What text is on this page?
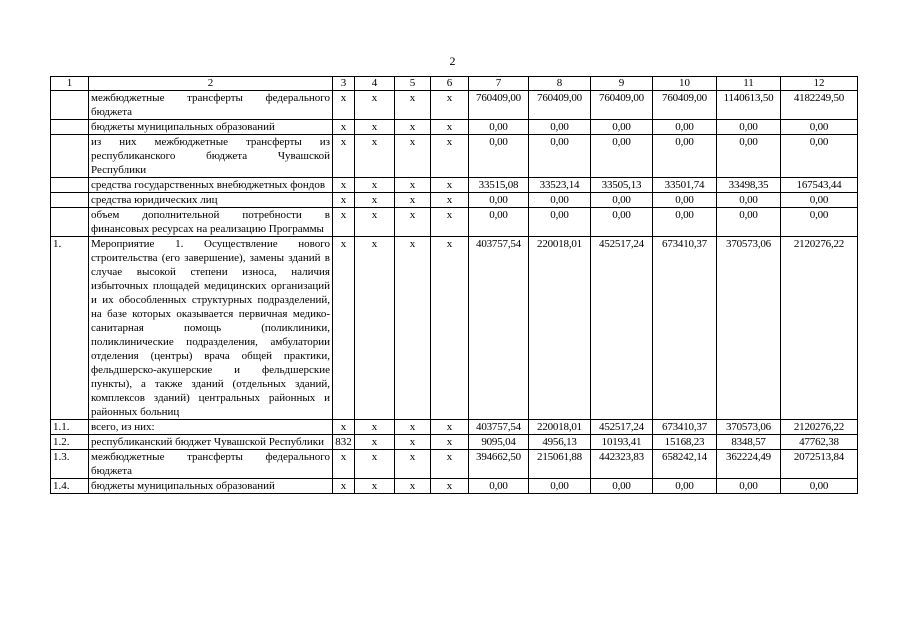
2
1	2	3	4	5	6	7	8	9	10	11	12
	межбюджетные трансферты федерального бюджета	x	x	x	x	760409,00	760409,00	760409,00	760409,00	1140613,50	4182249,50
	бюджеты муниципальных образований	x	x	x	x	0,00	0,00	0,00	0,00	0,00	0,00
	из них межбюджетные трансферты из республиканского бюджета Чувашской Республики	x	x	x	x	0,00	0,00	0,00	0,00	0,00	0,00
	средства государственных внебюджетных фондов	x	x	x	x	33515,08	33523,14	33505,13	33501,74	33498,35	167543,44
	средства юридических лиц	x	x	x	x	0,00	0,00	0,00	0,00	0,00	0,00
	объем дополнительной потребности в финансовых ресурсах на реализацию Программы	x	x	x	x	0,00	0,00	0,00	0,00	0,00	0,00
1.	Мероприятие 1. Осуществление нового строительства (его завершение), замены зданий в случае высокой степени износа, наличия избыточных площадей медицинских организаций и их обособленных структурных подразделений, на базе которых оказывается первичная медико-санитарная помощь (поликлиники, поликлинические подразделения, амбулатории отделения (центры) врача общей практики, фельдшерско-акушерские и фельдшерские пункты), а также зданий (отдельных зданий, комплексов зданий) центральных районных и районных больниц	x	x	x	x	403757,54	220018,01	452517,24	673410,37	370573,06	2120276,22
1.1.	всего, из них:	x	x	x	x	403757,54	220018,01	452517,24	673410,37	370573,06	2120276,22
1.2.	республиканский бюджет Чувашской Республики	832	x	x	x	9095,04	4956,13	10193,41	15168,23	8348,57	47762,38
1.3.	межбюджетные трансферты федерального бюджета	x	x	x	x	394662,50	215061,88	442323,83	658242,14	362224,49	2072513,84
1.4.	бюджеты муниципальных образований	x	x	x	x	0,00	0,00	0,00	0,00	0,00	0,00
